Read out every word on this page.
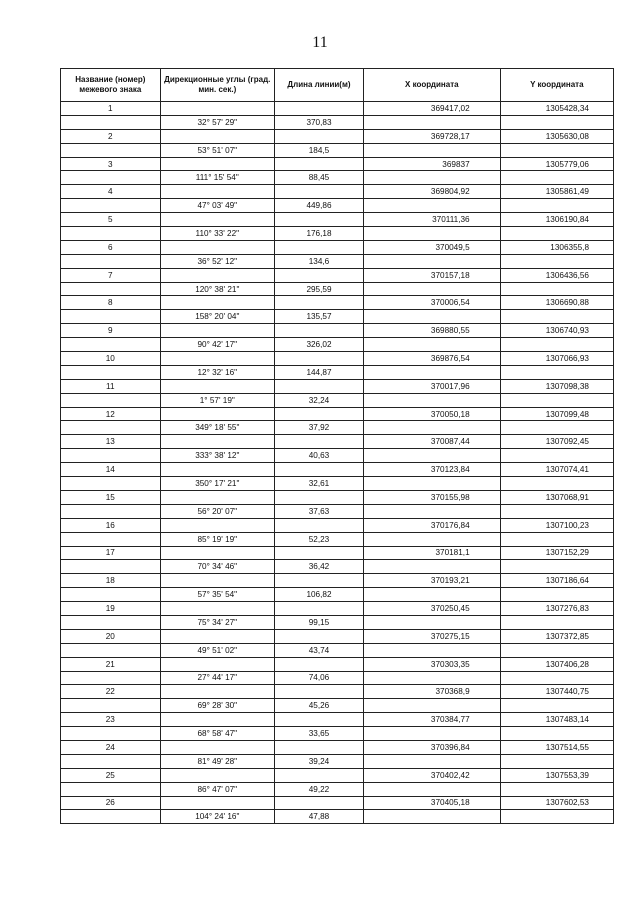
11
Название (номер) межевого знака	Дирекционные углы (град. мин. сек.)	Длина линии(м)	X координата	Y координата
1			369417,02	1305428,34
	32° 57' 29"	370,83		
2			369728,17	1305630,08
	53° 51' 07"	184,5		
3			369837	1305779,06
	111° 15' 54"	88,45		
4			369804,92	1305861,49
	47° 03' 49"	449,86		
5			370111,36	1306190,84
	110° 33' 22"	176,18		
6			370049,5	1306355,8
	36° 52' 12"	134,6		
7			370157,18	1306436,56
	120° 38' 21"	295,59		
8			370006,54	1306690,88
	158° 20' 04"	135,57		
9			369880,55	1306740,93
	90° 42' 17"	326,02		
10			369876,54	1307066,93
	12° 32' 16"	144,87		
11			370017,96	1307098,38
	1° 57' 19"	32,24		
12			370050,18	1307099,48
	349° 18' 55"	37,92		
13			370087,44	1307092,45
	333° 38' 12"	40,63		
14			370123,84	1307074,41
	350° 17' 21"	32,61		
15			370155,98	1307068,91
	56° 20' 07"	37,63		
16			370176,84	1307100,23
	85° 19' 19"	52,23		
17			370181,1	1307152,29
	70° 34' 46"	36,42		
18			370193,21	1307186,64
	57° 35' 54"	106,82		
19			370250,45	1307276,83
	75° 34' 27"	99,15		
20			370275,15	1307372,85
	49° 51' 02"	43,74		
21			370303,35	1307406,28
	27° 44' 17"	74,06		
22			370368,9	1307440,75
	69° 28' 30"	45,26		
23			370384,77	1307483,14
	68° 58' 47"	33,65		
24			370396,84	1307514,55
	81° 49' 28"	39,24		
25			370402,42	1307553,39
	86° 47' 07"	49,22		
26			370405,18	1307602,53
	104° 24' 16"	47,88		
